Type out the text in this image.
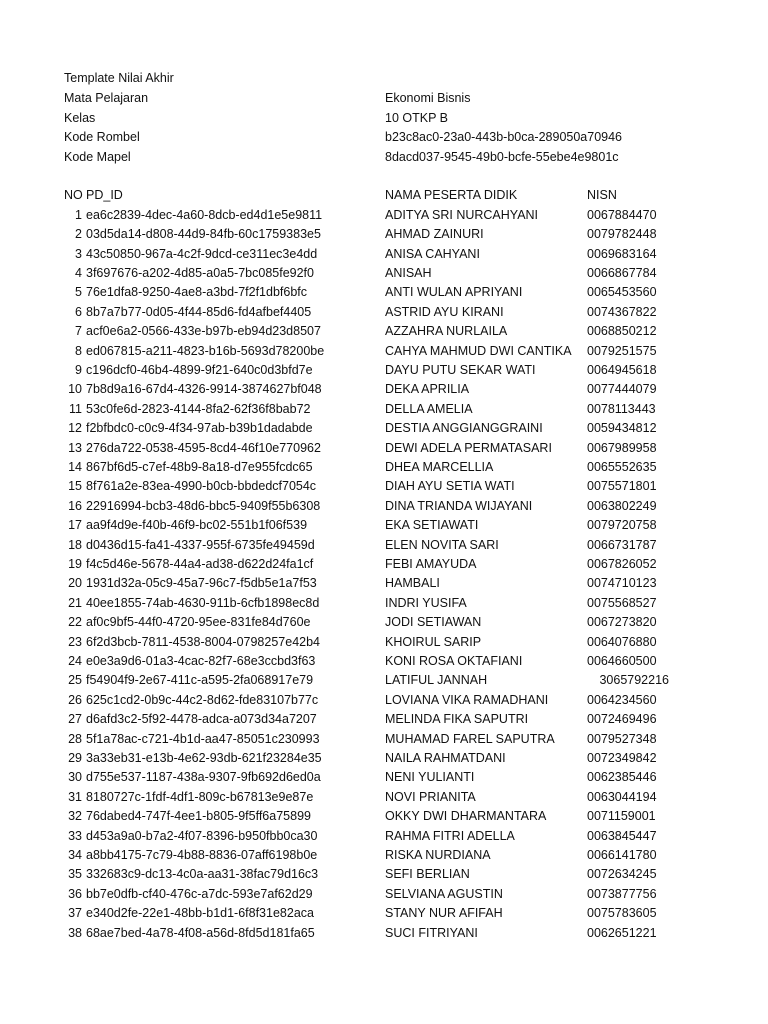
Template Nilai Akhir
Mata Pelajaran	Ekonomi Bisnis
Kelas	10 OTKP B
Kode Rombel	b23c8ac0-23a0-443b-b0ca-289050a70946
Kode Mapel	8dacd037-9545-49b0-bcfe-55ebe4e9801c
NO PD_ID	NAMA PESERTA DIDIK	NISN
1 ea6c2839-4dec-4a60-8dcb-ed4d1e5e9811	ADITYA SRI NURCAHYANI	0067884470
2 03d5da14-d808-44d9-84fb-60c1759383e5	AHMAD ZAINURI	0079782448
3 43c50850-967a-4c2f-9dcd-ce311ec3e4dd	ANISA CAHYANI	0069683164
4 3f697676-a202-4d85-a0a5-7bc085fe92f0	ANISAH	0066867784
5 76e1dfa8-9250-4ae8-a3bd-7f2f1dbf6bfc	ANTI WULAN APRIYANI	0065453560
6 8b7a7b77-0d05-4f44-85d6-fd4afbef4405	ASTRID AYU KIRANI	0074367822
7 acf0e6a2-0566-433e-b97b-eb94d23d8507	AZZAHRA NURLAILA	0068850212
8 ed067815-a211-4823-b16b-5693d78200be	CAHYA MAHMUD DWI CANTIKA 0079251575
9 c196dcf0-46b4-4899-9f21-640c0d3bfd7e	DAYU PUTU SEKAR WATI	0064945618
10 7b8d9a16-67d4-4326-9914-3874627bf048	DEKA APRILIA	0077444079
11 53c0fe6d-2823-4144-8fa2-62f36f8bab72	DELLA AMELIA	0078113443
12 f2bfbdc0-c0c9-4f34-97ab-b39b1dadabde	DESTIA ANGGIANGGRAINI	0059434812
13 276da722-0538-4595-8cd4-46f10e770962	DEWI ADELA PERMATASARI	0067989958
14 867bf6d5-c7ef-48b9-8a18-d7e955fcdc65	DHEA MARCELLIA	0065552635
15 8f761a2e-83ea-4990-b0cb-bbdedcf7054c	DIAH AYU SETIA WATI	0075571801
16 22916994-bcb3-48d6-bbc5-9409f55b6308	DINA TRIANDA WIJAYANI	0063802249
17 aa9f4d9e-f40b-46f9-bc02-551b1f06f539	EKA SETIAWATI	0079720758
18 d0436d15-fa41-4337-955f-6735fe49459d	ELEN NOVITA SARI	0066731787
19 f4c5d46e-5678-44a4-ad38-d622d24fa1cf	FEBI AMAYUDA	0067826052
20 1931d32a-05c9-45a7-96c7-f5db5e1a7f53	HAMBALI	0074710123
21 40ee1855-74ab-4630-911b-6cfb1898ec8d	INDRI YUSIFA	0075568527
22 af0c9bf5-44f0-4720-95ee-831fe84d760e	JODI SETIAWAN	0067273820
23 6f2d3bcb-7811-4538-8004-0798257e42b4	KHOIRUL SARIP	0064076880
24 e0e3a9d6-01a3-4cac-82f7-68e3ccbd3f63	KONI ROSA OKTAFIANI	0064660500
25 f54904f9-2e67-411c-a595-2fa068917e79	LATIFUL JANNAH	3065792216
26 625c1cd2-0b9c-44c2-8d62-fde83107b77c	LOVIANA VIKA RAMADHANI	0064234560
27 d6afd3c2-5f92-4478-adca-a073d34a7207	MELINDA FIKA SAPUTRI	0072469496
28 5f1a78ac-c721-4b1d-aa47-85051c230993	MUHAMAD FAREL SAPUTRA	0079527348
29 3a33eb31-e13b-4e62-93db-621f23284e35	NAILA RAHMATDANI	0072349842
30 d755e537-1187-438a-9307-9fb692d6ed0a	NENI YULIANTI	0062385446
31 8180727c-1fdf-4df1-809c-b67813e9e87e	NOVI PRIANITA	0063044194
32 76dabed4-747f-4ee1-b805-9f5ff6a75899	OKKY DWI DHARMANTARA	0071159001
33 d453a9a0-b7a2-4f07-8396-b950fbb0ca30	RAHMA FITRI ADELLA	0063845447
34 a8bb4175-7c79-4b88-8836-07aff6198b0e	RISKA NURDIANA	0066141780
35 332683c9-dc13-4c0a-aa31-38fac79d16c3	SEFI BERLIAN	0072634245
36 bb7e0dfb-cf40-476c-a7dc-593e7af62d29	SELVIANA AGUSTIN	0073877756
37 e340d2fe-22e1-48bb-b1d1-6f8f31e82aca	STANY NUR AFIFAH	0075783605
38 68ae7bed-4a78-4f08-a56d-8fd5d181fa65	SUCI FITRIYANI	0062651221
